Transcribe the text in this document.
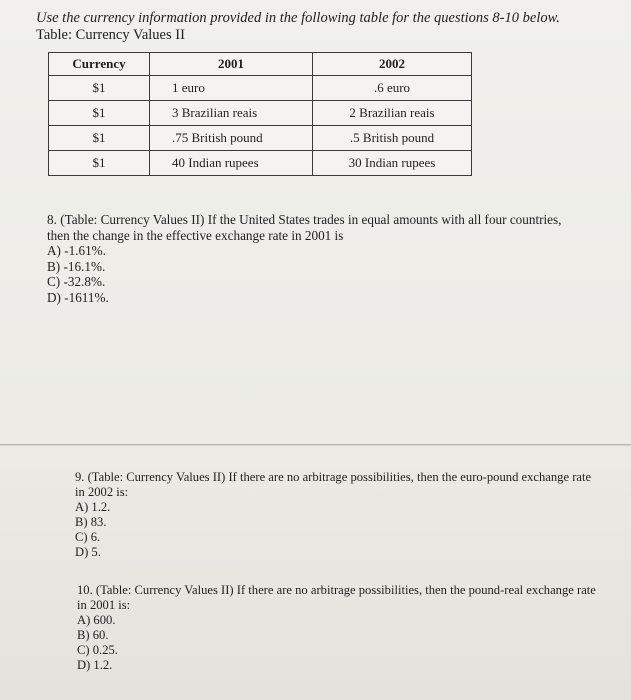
Use the currency information provided in the following table for the questions 8-10 below.
Table: Currency Values II
Currency	2001	2002
$1	1 euro	.6 euro
$1	3 Brazilian reais	2 Brazilian reais
$1	.75 British pound	.5 British pound
$1	40 Indian rupees	30 Indian rupees

8. (Table: Currency Values II) If the United States trades in equal amounts with all four countries, then the change in the effective exchange rate in 2001 is

A) -1.61%.

B) -16.1%.

C) -32.8%.

D) -1611%.

9. (Table: Currency Values II) If there are no arbitrage possibilities, then the euro-pound exchange rate in 2002 is:

A) 1.2.

B) 83.

C) 6.

D) 5.

10. (Table: Currency Values II) If there are no arbitrage possibilities, then the pound-real exchange rate in 2001 is:

A) 600.

B) 60.

C) 0.25.

D) 1.2.
